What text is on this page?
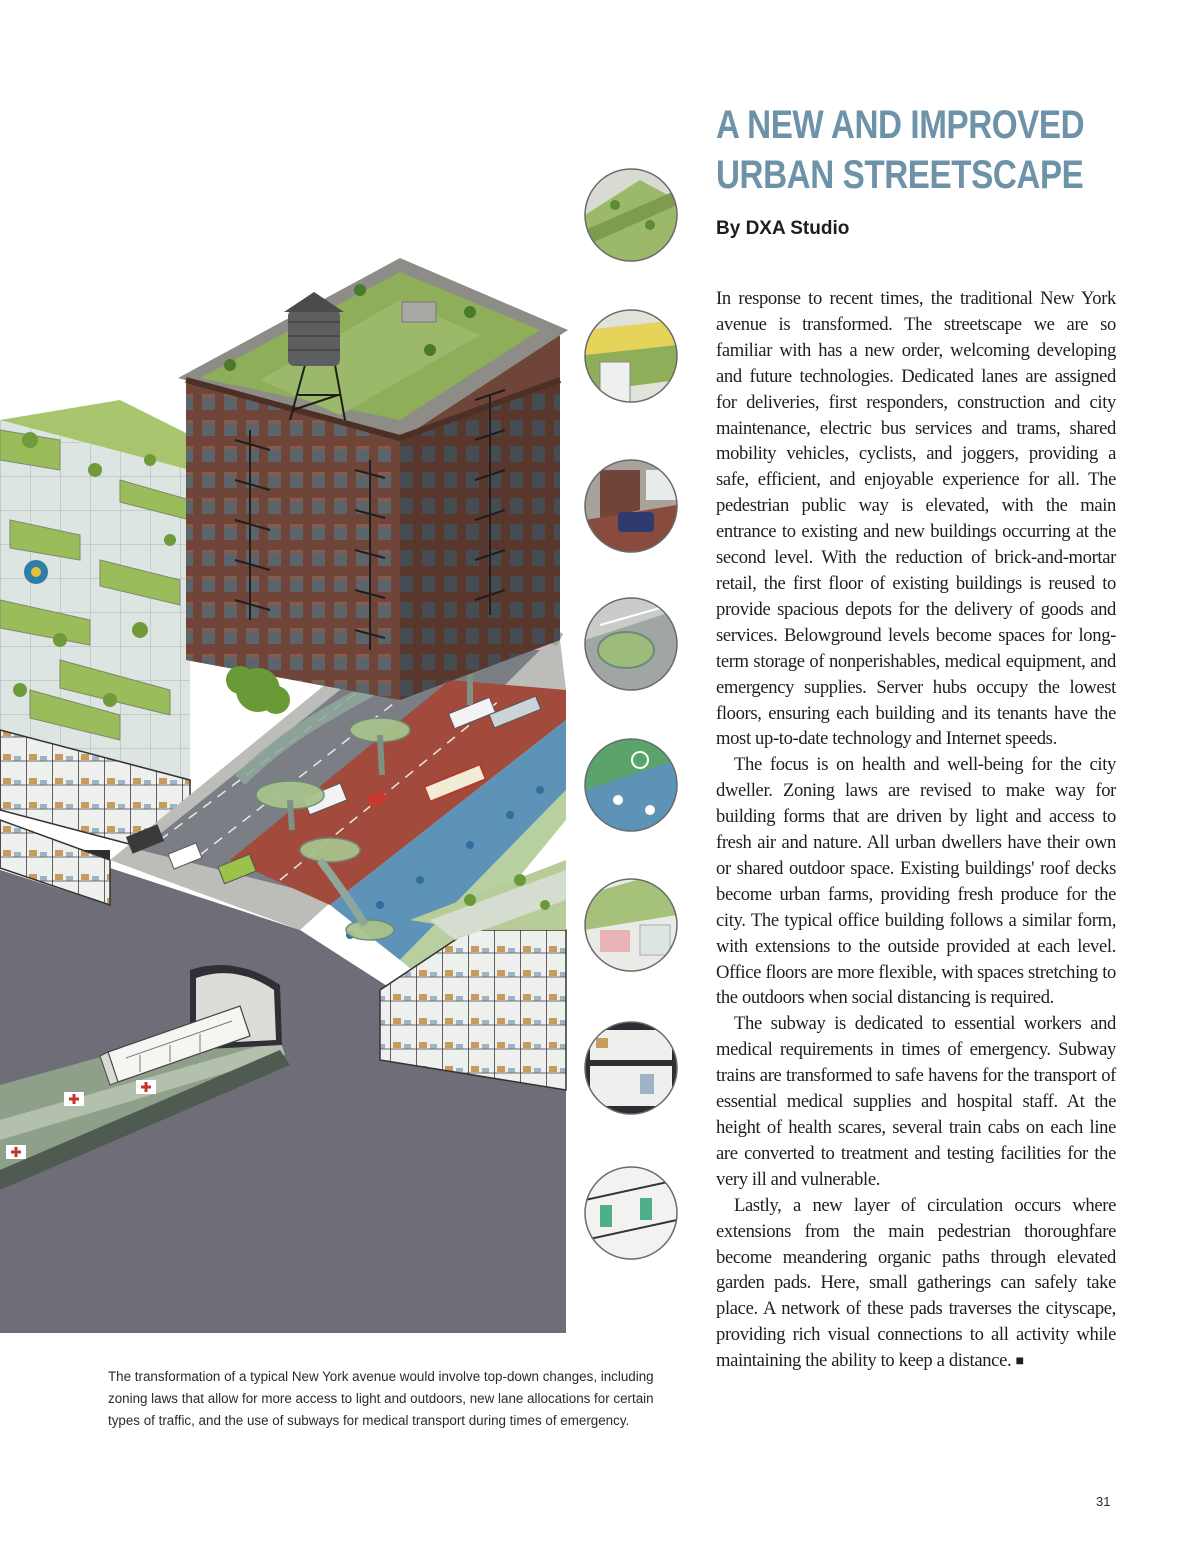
The transformation of a typical New York avenue would involve top-down changes, including zoning laws that allow for more access to light and outdoors, new lane allocations for certain types of traffic, and the use of subways for medical transport during times of emergency.

A NEW AND IMPROVED URBAN STREETSCAPE

By DXA Studio

In response to recent times, the traditional New York avenue is transformed. The streetscape we are so familiar with has a new order, welcoming developing and future technologies. Dedicated lanes are assigned for deliveries, first responders, construction and city maintenance, electric bus services and trams, shared mobility vehicles, cyclists, and joggers, providing a safe, efficient, and enjoyable experience for all. The pedestrian public way is elevated, with the main entrance to existing and new buildings occurring at the second level. With the reduction of brick-and-mortar retail, the first floor of existing buildings is reused to provide spacious depots for the delivery of goods and services. Belowground levels become spaces for long-term storage of nonperishables, medical equipment, and emergency supplies. Server hubs occupy the lowest floors, ensuring each building and its tenants have the most up-to-date technology and Internet speeds.

The focus is on health and well-being for the city dweller. Zoning laws are revised to make way for building forms that are driven by light and access to fresh air and nature. All urban dwellers have their own or shared outdoor space. Existing buildings' roof decks become urban farms, providing fresh produce for the city. The typical office building follows a similar form, with extensions to the outside provided at each level. Office floors are more flexible, with spaces stretching to the outdoors when social distancing is required.

The subway is dedicated to essential workers and medical requirements in times of emergency. Subway trains are transformed to safe havens for the transport of essential medical supplies and hospital staff. At the height of health scares, several train cabs on each line are converted to treatment and testing facilities for the very ill and vulnerable.

Lastly, a new layer of circulation occurs where extensions from the main pedestrian thoroughfare become meandering organic paths through elevated garden pads. Here, small gatherings can safely take place. A network of these pads traverses the cityscape, providing rich visual connections to all activity while maintaining the ability to keep a distance. ■

31
